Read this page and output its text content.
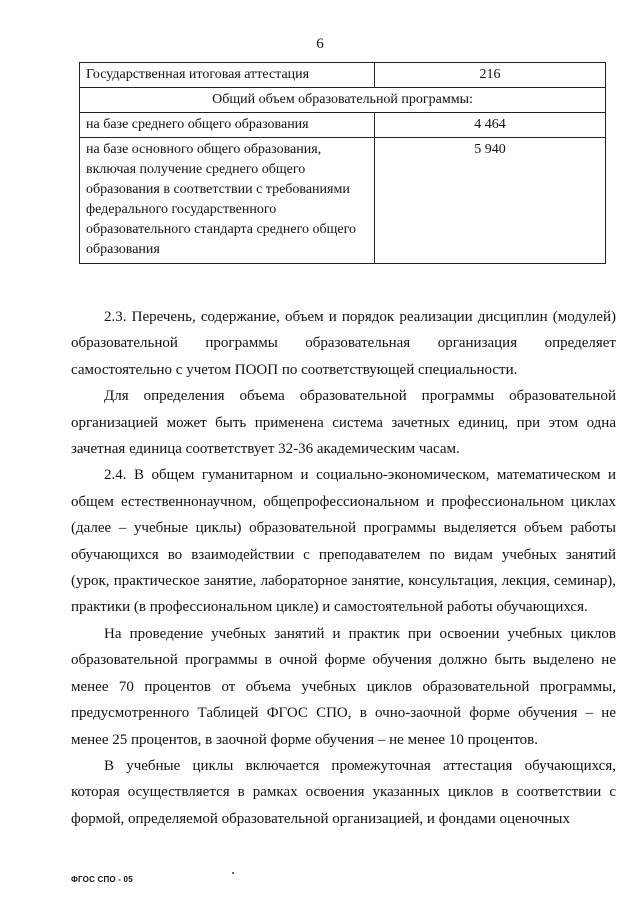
6
Государственная итоговая аттестация	216
Общий объем образовательной программы:	
на базе среднего общего образования	4 464
на базе основного общего образования, включая получение среднего общего образования в соответствии с требованиями федерального государственного образовательного стандарта среднего общего образования	5 940

2.3. Перечень, содержание, объем и порядок реализации дисциплин (модулей) образовательной программы образовательная организация определяет самостоятельно с учетом ПООП по соответствующей специальности.

Для определения объема образовательной программы образовательной организацией может быть применена система зачетных единиц, при этом одна зачетная единица соответствует 32-36 академическим часам.

2.4. В общем гуманитарном и социально-экономическом, математическом и общем естественнонаучном, общепрофессиональном и профессиональном циклах (далее – учебные циклы) образовательной программы выделяется объем работы обучающихся во взаимодействии с преподавателем по видам учебных занятий (урок, практическое занятие, лабораторное занятие, консультация, лекция, семинар), практики (в профессиональном цикле) и самостоятельной работы обучающихся.

На проведение учебных занятий и практик при освоении учебных циклов образовательной программы в очной форме обучения должно быть выделено не менее 70 процентов от объема учебных циклов образовательной программы, предусмотренного Таблицей ФГОС СПО, в очно-заочной форме обучения – не менее 25 процентов, в заочной форме обучения – не менее 10 процентов.

В учебные циклы включается промежуточная аттестация обучающихся, которая осуществляется в рамках освоения указанных циклов в соответствии с формой, определяемой образовательной организацией, и фондами оценочных

ФГОС СПО - 05
